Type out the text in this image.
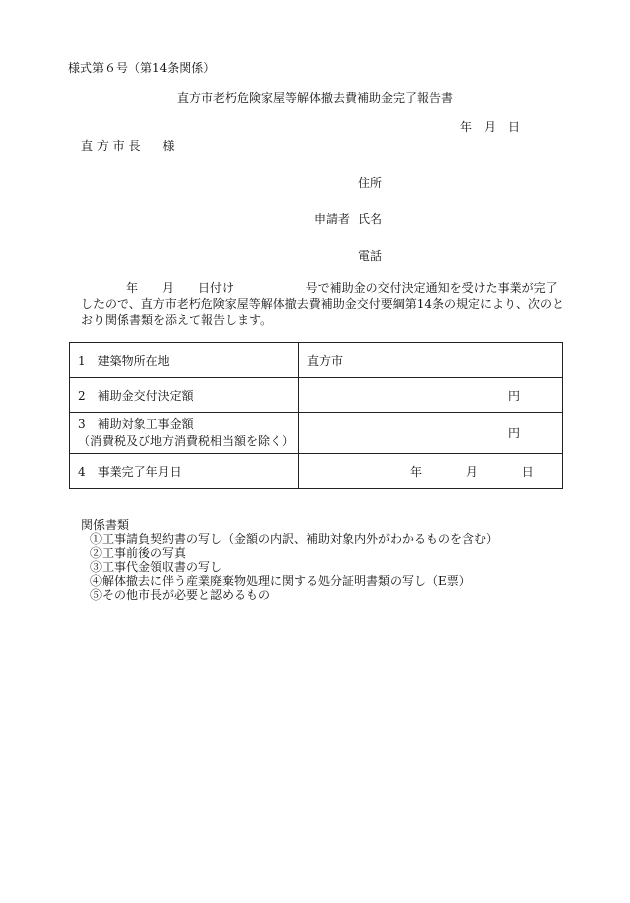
様式第６号（第14条関係）
直方市老朽危険家屋等解体撤去費補助金完了報告書
年　月　日
直 方 市 長 様
住所
申請者 氏名
電話
年　　月　　日付け	号で補助金の交付決定通知を受けた事業が完了したので、直方市老朽危険家屋等解体撤去費補助金交付要綱第14条の規定により、次のとおり関係書類を添えて報告します。
1　建築物所在地	直方市
2　補助金交付決定額	円

3　補助対象工事金額
（消費税及び地方消費税相当額を除く）	円

4　事業完了年月日	年 月 日
関係書類
①工事請負契約書の写し（金額の内訳、補助対象内外がわかるものを含む）
②工事前後の写真
③工事代金領収書の写し
④解体撤去に伴う産業廃棄物処理に関する処分証明書類の写し（E票）
⑤その他市長が必要と認めるもの
